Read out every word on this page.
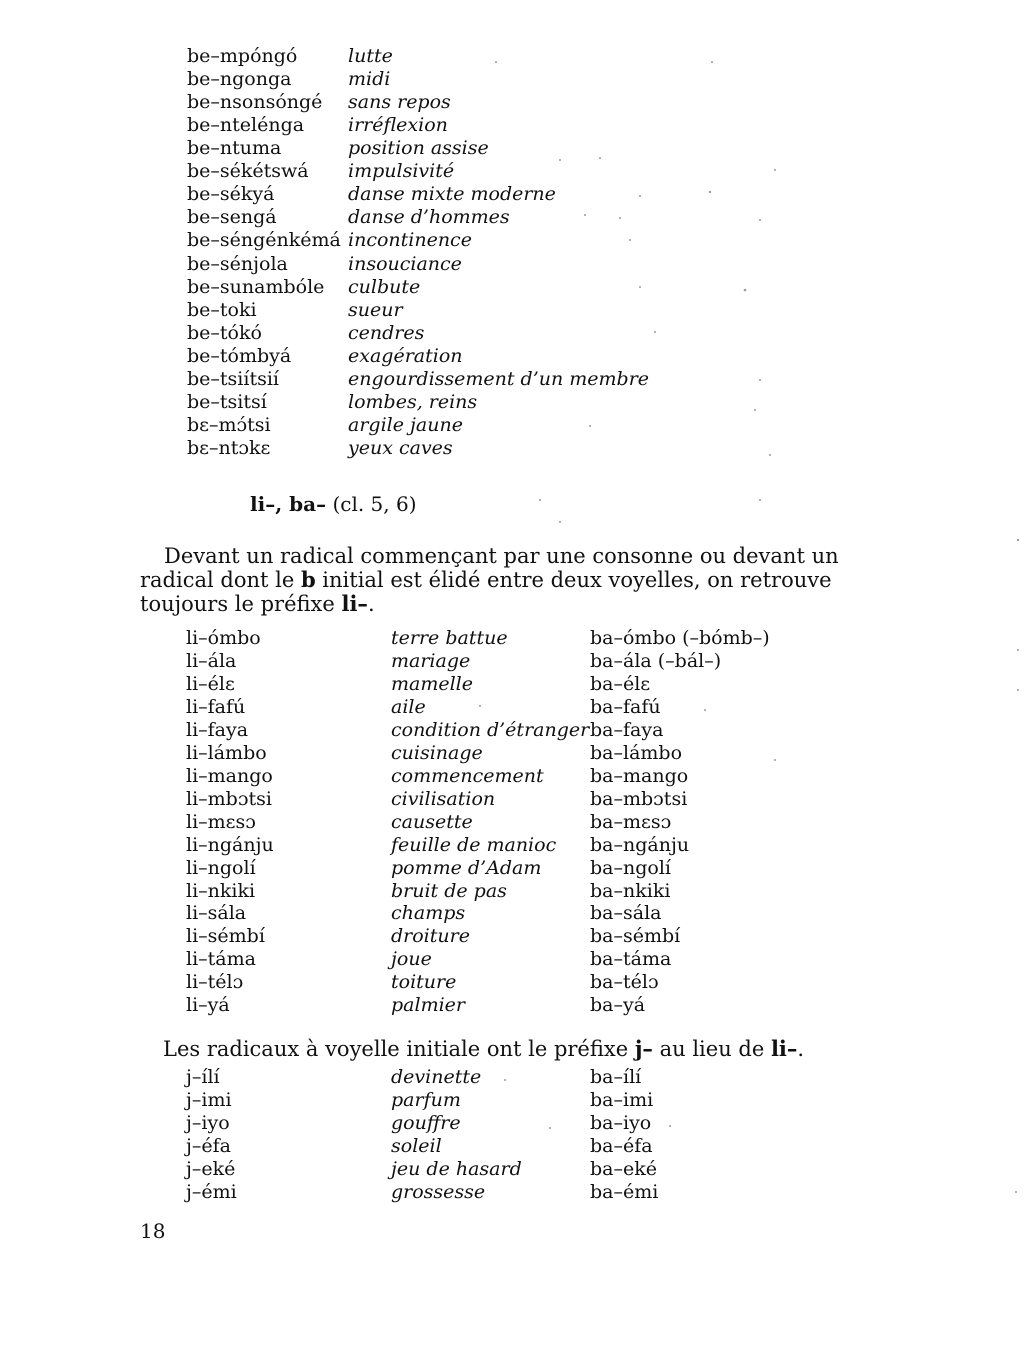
be–mpóngó	lutte
be–ngonga	midi
be–nsonsóngé sans repos
be–ntelénga irréflexion
be–ntuma	position assise
be–sékétswá impulsivité
be–sékyá	danse mixte moderne
be–sengá	danse d’hommes
be–séngénkémá incontinence
be–sénjola	insouciance
be–sunambóle culbute
be–toki	sueur
be–tókó	cendres
be–tómbyá	exagération
be–tsiítsií	engourdissement d’un membre
be–tsitsí	lombes, reins
bɛ–mɔ́tsi	argile jaune
bɛ–ntɔkɛ	yeux caves
li–, ba– (cl. 5, 6)
Devant un radical commençant par une consonne ou devant un radical dont le b initial est élidé entre deux voyelles, on retrouve toujours le préfixe li–.
li–ómbo	terre battue	ba–ómbo (–bómb–)
li–ála	mariage	ba–ála (–bál–)
li–élɛ	mamelle	ba–élɛ
li–fafú	aile	ba–fafú
li–faya	condition d’étranger ba–faya
li–lámbo	cuisinage	ba–lámbo
li–mango	commencement ba–mango
li–mbɔtsi	civilisation	ba–mbɔtsi
li–mɛsɔ	causette	ba–mɛsɔ
li–ngánju	feuille de manioc ba–ngánju
li–ngolí	pomme d’Adam	ba–ngolí
li–nkiki	bruit de pas	ba–nkiki
li–sála	champs	ba–sála
li–sémbí	droiture	ba–sémbí
li–táma	joue	ba–táma
li–télɔ	toiture	ba–télɔ
li–yá	palmier	ba–yá
Les radicaux à voyelle initiale ont le préfixe j– au lieu de li–.
j–ílí	devinette	ba–ílí
j–imi	parfum	ba–imi
j–iyo	gouffre	ba–iyo
j–éfa	soleil	ba–éfa
j–eké	jeu de hasard	ba–eké
j–émi	grossesse	ba–émi
18
